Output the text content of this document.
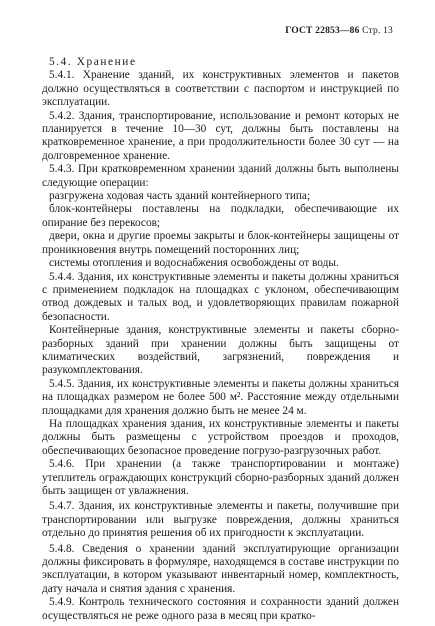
ГОСТ 22853—86 Стр. 13

5.4. Хранение

5.4.1. Хранение зданий, их конструктивных элементов и пакетов должно осуществляться в соответствии с паспортом и инструкцией по эксплуатации.

5.4.2. Здания, транспортирование, использование и ремонт которых не планируется в течение 10—30 сут, должны быть поставлены на кратковременное хранение, а при продолжительности более 30 сут — на долговременное хранение.

5.4.3. При кратковременном хранении зданий должны быть выполнены следующие операции:

разгружена ходовая часть зданий контейнерного типа;

блок-контейнеры поставлены на подкладки, обеспечивающие их опирание без перекосов;

двери, окна и другие проемы закрыты и блок-контейнеры защищены от проникновения внутрь помещений посторонних лиц;

системы отопления и водоснабжения освобождены от воды.

5.4.4. Здания, их конструктивные элементы и пакеты должны храниться с применением подкладок на площадках с уклоном, обеспечивающим отвод дождевых и талых вод, и удовлетворяющих правилам пожарной безопасности.

Контейнерные здания, конструктивные элементы и пакеты сборно-разборных зданий при хранении должны быть защищены от климатических воздействий, загрязнений, повреждения и разукомплектования.

5.4.5. Здания, их конструктивные элементы и пакеты должны храниться на площадках размером не более 500 м². Расстояние между отдельными площадками для хранения должно быть не менее 24 м.

На площадках хранения здания, их конструктивные элементы и пакеты должны быть размещены с устройством проездов и проходов, обеспечивающих безопасное проведение погрузо-разгрузочных работ.

5.4.6. При хранении (а также транспортировании и монтаже) утеплитель ограждающих конструкций сборно-разборных зданий должен быть защищен от увлажнения.

5.4.7. Здания, их конструктивные элементы и пакеты, получившие при транспортировании или выгрузке повреждения, должны храниться отдельно до принятия решения об их пригодности к эксплуатации.

5.4.8. Сведения о хранении зданий эксплуатирующие организации должны фиксировать в формуляре, находящемся в составе инструкции по эксплуатации, в котором указывают инвентарный номер, комплектность, дату начала и снятия здания с хранения.

5.4.9. Контроль технического состояния и сохранности зданий должен осуществляться не реже одного раза в месяц при кратко-
